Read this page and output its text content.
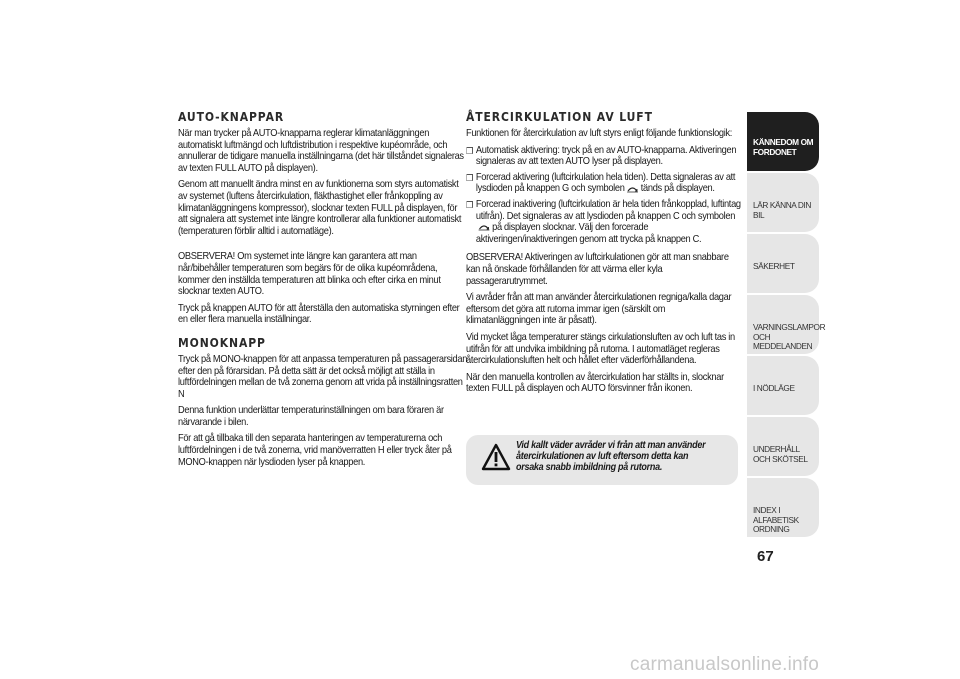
AUTO-KNAPPAR
När man trycker på AUTO-knapparna reglerar klimatanläggningen automatiskt luftmängd och luftdistribution i respektive kupéområde, och annullerar de tidigare manuella inställningarna (det här tillståndet signaleras av texten FULL AUTO på displayen).
Genom att manuellt ändra minst en av funktionerna som styrs automatiskt av systemet (luftens återcirkulation, fläkthastighet eller frånkoppling av klimatanläggningens kompressor), slocknar texten FULL på displayen, för att signalera att systemet inte längre kontrollerar alla funktioner automatiskt (temperaturen förblir alltid i automatläge).
OBSERVERA! Om systemet inte längre kan garantera att man når/bibehåller temperaturen som begärs för de olika kupéområdena, kommer den inställda temperaturen att blinka och efter cirka en minut slocknar texten AUTO.
Tryck på knappen AUTO för att återställa den automatiska styrningen efter en eller flera manuella inställningar.
MONOKNAPP
Tryck på MONO-knappen för att anpassa temperaturen på passagerarsidan efter den på förarsidan. På detta sätt är det också möjligt att ställa in luftfördelningen mellan de två zonerna genom att vrida på inställningsratten N
Denna funktion underlättar temperaturinställningen om bara föraren är närvarande i bilen.
För att gå tillbaka till den separata hanteringen av temperaturerna och luftfördelningen i de två zonerna, vrid manöverratten H eller tryck åter på MONO-knappen när lysdioden lyser på knappen.
ÅTERCIRKULATION AV LUFT
Funktionen för återcirkulation av luft styrs enligt följande funktionslogik:
❒ Automatisk aktivering: tryck på en av AUTO-knapparna. Aktiveringen signaleras av att texten AUTO lyser på displayen.
❒ Forcerad aktivering (luftcirkulation hela tiden). Detta signaleras av att lysdioden på knappen G och symbolen tänds på displayen.
❒ Forcerad inaktivering (luftcirkulation är hela tiden frånkopplad, luftintag utifrån). Det signaleras av att lysdioden på knappen C och symbolenpå displayen slocknar. Välj den forcerade aktiveringen/inaktiveringen genom att trycka på knappen C.
OBSERVERA! Aktiveringen av luftcirkulationen gör att man snabbare kan nå önskade förhållanden för att värma eller kyla passagerarutrymmet.
Vi avråder från att man använder återcirkulationen regniga/kalla dagar eftersom det göra att rutorna immar igen (särskilt om klimatanläggningen inte är påsatt).
Vid mycket låga temperaturer stängs cirkulationsluften av och luft tas in utifrån för att undvika imbildning på rutorna. I automatläget regleras återcirkulationsluften helt och hållet efter väderförhållandena.
När den manuella kontrollen av återcirkulation har ställts in, slocknar texten FULL på displayen och AUTO försvinner från ikonen.
Vid kallt väder avråder vi från att man använder återcirkulationen av luft eftersom detta kan orsaka snabb imbildning på rutorna.
KÄNNEDOM OM FORDONET
LÄR KÄNNA DIN BIL
SÄKERHET
VARNINGSLAMPOR OCH MEDDELANDEN
I NÖDLÄGE
UNDERHÅLL OCH SKÖTSEL
INDEX I ALFABETISK ORDNING
67
carmanualsonline.info
